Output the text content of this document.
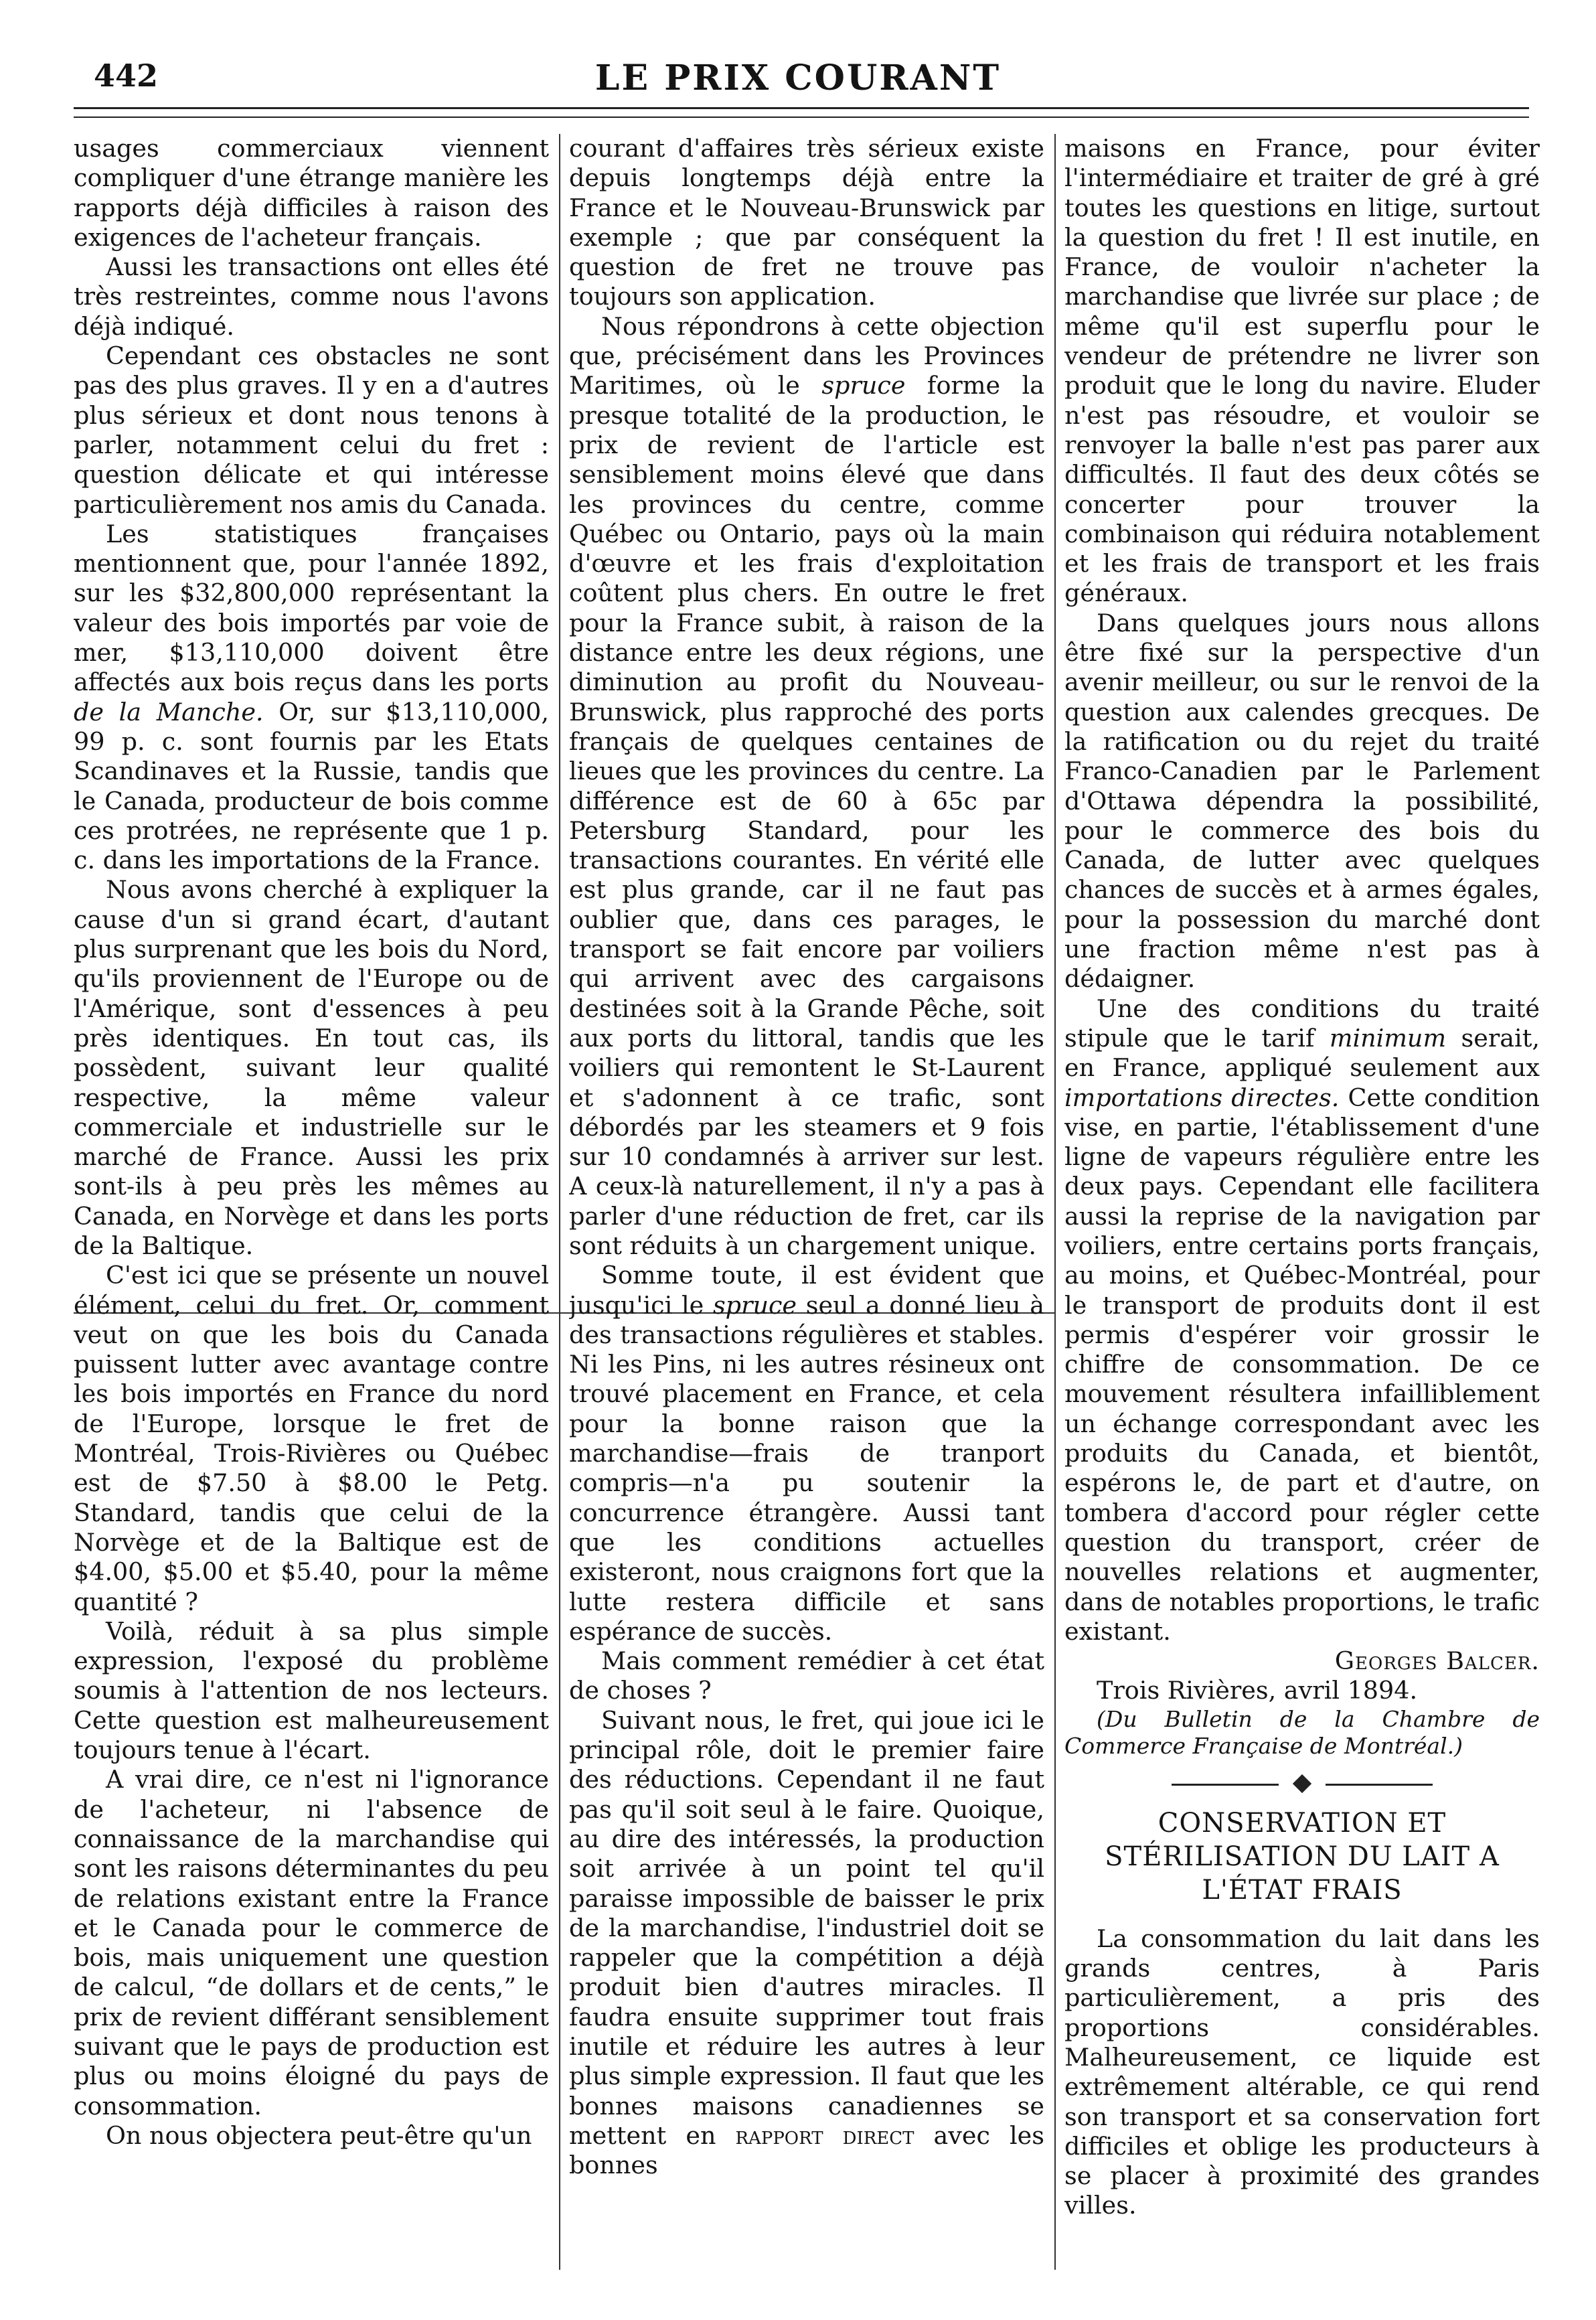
442	LE PRIX COURANT

usages commerciaux viennent compliquer d'une étrange manière les rapports déjà difficiles à raison des exigences de l'acheteur français.

Aussi les transactions ont elles été très restreintes, comme nous l'avons déjà indiqué.

Cependant ces obstacles ne sont pas des plus graves. Il y en a d'autres plus sérieux et dont nous tenons à parler, notamment celui du fret : question délicate et qui intéresse particulièrement nos amis du Canada.

Les statistiques françaises mentionnent que, pour l'année 1892, sur les $32,800,000 représentant la valeur des bois importés par voie de mer, $13,110,000 doivent être affectés aux bois reçus dans les ports de la Manche. Or, sur $13,110,000, 99 p. c. sont fournis par les Etats Scandinaves et la Russie, tandis que le Canada, producteur de bois comme ces protrées, ne représente que 1 p. c. dans les importations de la France.

Nous avons cherché à expliquer la cause d'un si grand écart, d'autant plus surprenant que les bois du Nord, qu'ils proviennent de l'Europe ou de l'Amérique, sont d'essences à peu près identiques. En tout cas, ils possèdent, suivant leur qualité respective, la même valeur commerciale et industrielle sur le marché de France. Aussi les prix sont-ils à peu près les mêmes au Canada, en Norvège et dans les ports de la Baltique.

C'est ici que se présente un nouvel élément, celui du fret. Or, comment veut on que les bois du Canada puissent lutter avec avantage contre les bois importés en France du nord de l'Europe, lorsque le fret de Montréal, Trois-Rivières ou Québec est de $7.50 à $8.00 le Petg. Standard, tandis que celui de la Norvège et de la Baltique est de $4.00, $5.00 et $5.40, pour la même quantité ?

Voilà, réduit à sa plus simple expression, l'exposé du problème soumis à l'attention de nos lecteurs. Cette question est malheureusement toujours tenue à l'écart.

A vrai dire, ce n'est ni l'ignorance de l'acheteur, ni l'absence de connaissance de la marchandise qui sont les raisons déterminantes du peu de relations existant entre la France et le Canada pour le commerce de bois, mais uniquement une question de calcul, “de dollars et de cents,” le prix de revient différant sensiblement suivant que le pays de production est plus ou moins éloigné du pays de consommation.

On nous objectera peut-être qu'un

courant d'affaires très sérieux existe depuis longtemps déjà entre la France et le Nouveau-Brunswick par exemple ; que par conséquent la question de fret ne trouve pas toujours son application.

Nous répondrons à cette objection que, précisément dans les Provinces Maritimes, où le spruce forme la presque totalité de la production, le prix de revient de l'article est sensiblement moins élevé que dans les provinces du centre, comme Québec ou Ontario, pays où la main d'œuvre et les frais d'exploitation coûtent plus chers. En outre le fret pour la France subit, à raison de la distance entre les deux régions, une diminution au profit du Nouveau-Brunswick, plus rapproché des ports français de quelques centaines de lieues que les provinces du centre. La différence est de 60 à 65c par Petersburg Standard, pour les transactions courantes. En vérité elle est plus grande, car il ne faut pas oublier que, dans ces parages, le transport se fait encore par voiliers qui arrivent avec des cargaisons destinées soit à la Grande Pêche, soit aux ports du littoral, tandis que les voiliers qui remontent le St-Laurent et s'adonnent à ce trafic, sont débordés par les steamers et 9 fois sur 10 condamnés à arriver sur lest. A ceux-là naturellement, il n'y a pas à parler d'une réduction de fret, car ils sont réduits à un chargement unique.

Somme toute, il est évident que jusqu'ici le spruce seul a donné lieu à des transactions régulières et stables. Ni les Pins, ni les autres résineux ont trouvé placement en France, et cela pour la bonne raison que la marchandise—frais de tranport compris—n'a pu soutenir la concurrence étrangère. Aussi tant que les conditions actuelles existeront, nous craignons fort que la lutte restera difficile et sans espérance de succès.

Mais comment remédier à cet état de choses ?

Suivant nous, le fret, qui joue ici le principal rôle, doit le premier faire des réductions. Cependant il ne faut pas qu'il soit seul à le faire. Quoique, au dire des intéressés, la production soit arrivée à un point tel qu'il paraisse impossible de baisser le prix de la marchandise, l'industriel doit se rappeler que la compétition a déjà produit bien d'autres miracles. Il faudra ensuite supprimer tout frais inutile et réduire les autres à leur plus simple expression. Il faut que les bonnes maisons canadiennes se mettent en rapport direct avec les bonnes

maisons en France, pour éviter l'intermédiaire et traiter de gré à gré toutes les questions en litige, surtout la question du fret ! Il est inutile, en France, de vouloir n'acheter la marchandise que livrée sur place ; de même qu'il est superflu pour le vendeur de prétendre ne livrer son produit que le long du navire. Eluder n'est pas résoudre, et vouloir se renvoyer la balle n'est pas parer aux difficultés. Il faut des deux côtés se concerter pour trouver la combinaison qui réduira notablement et les frais de transport et les frais généraux.

Dans quelques jours nous allons être fixé sur la perspective d'un avenir meilleur, ou sur le renvoi de la question aux calendes grecques. De la ratification ou du rejet du traité Franco-Canadien par le Parlement d'Ottawa dépendra la possibilité, pour le commerce des bois du Canada, de lutter avec quelques chances de succès et à armes égales, pour la possession du marché dont une fraction même n'est pas à dédaigner.

Une des conditions du traité stipule que le tarif minimum serait, en France, appliqué seulement aux importations directes. Cette condition vise, en partie, l'établissement d'une ligne de vapeurs régulière entre les deux pays. Cependant elle facilitera aussi la reprise de la navigation par voiliers, entre certains ports français, au moins, et Québec-Montréal, pour le transport de produits dont il est permis d'espérer voir grossir le chiffre de consommation. De ce mouvement résultera infailliblement un échange correspondant avec les produits du Canada, et bientôt, espérons le, de part et d'autre, on tombera d'accord pour régler cette question du transport, créer de nouvelles relations et augmenter, dans de notables proportions, le trafic existant.

Georges Balcer.

Trois Rivières, avril 1894.

(Du Bulletin de la Chambre de Commerce Française de Montréal.)

CONSERVATION ET STÉRILISATION DU LAIT A L'ÉTAT FRAIS

La consommation du lait dans les grands centres, à Paris particulièrement, a pris des proportions considérables. Malheureusement, ce liquide est extrêmement altérable, ce qui rend son transport et sa conservation fort difficiles et oblige les producteurs à se placer à proximité des grandes villes.
